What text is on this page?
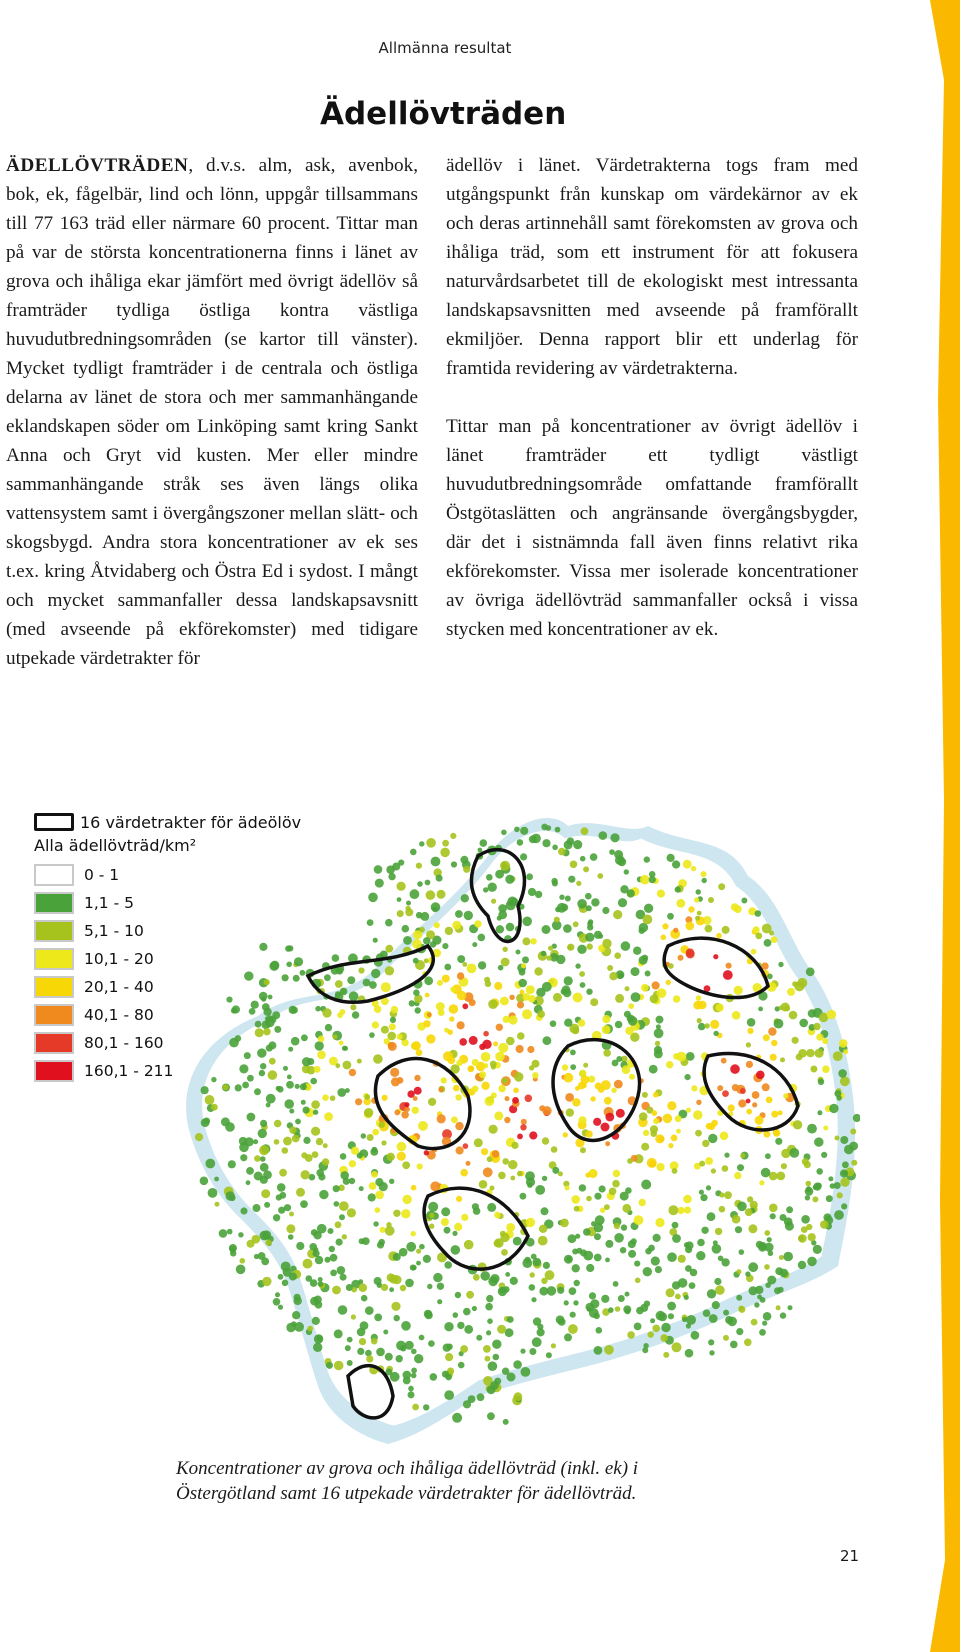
Allmänna resultat
Ädellövträden

ÄDELLÖVTRÄDEN, d.v.s. alm, ask, avenbok, bok, ek, fågelbär, lind och lönn, uppgår tillsammans till 77 163 träd eller närmare 60 procent. Tittar man på var de största koncentrationerna finns i länet av grova och ihåliga ekar jämfört med övrigt ädellöv så framträder tydliga östliga kontra västliga huvudutbredningsområden (se kartor till vänster). Mycket tydligt framträder i de centrala och östliga delarna av länet de stora och mer sammanhängande eklandskapen söder om Linköping samt kring Sankt Anna och Gryt vid kusten. Mer eller mindre sammanhängande stråk ses även längs olika vattensystem samt i övergångszoner mellan slätt- och skogsbygd. Andra stora koncentrationer av ek ses t.ex. kring Åtvidaberg och Östra Ed i sydost. I mångt och mycket sammanfaller dessa landskapsavsnitt (med avseende på ekförekomster) med tidigare utpekade värdetrakter för

ädellöv i länet. Värdetrakterna togs fram med utgångspunkt från kunskap om värdekärnor av ek och deras artinnehåll samt förekomsten av grova och ihåliga träd, som ett instrument för att fokusera naturvårdsarbetet till de ekologiskt mest intressanta landskapsavsnitten med avseende på framförallt ekmiljöer. Denna rapport blir ett underlag för framtida revidering av värdetrakterna.

Tittar man på koncentrationer av övrigt ädellöv i länet framträder ett tydligt västligt huvudutbredningsområde omfattande framförallt Östgötaslätten och angränsande övergångsbygder, där det i sistnämnda fall även finns relativt rika ekförekomster. Vissa mer isolerade koncentrationer av övriga ädellövträd sammanfaller också i vissa stycken med koncentrationer av ek.

16 värdetrakter för ädeölöv
Alla ädellövträd/km²
0 - 1
1,1 - 5
5,1 - 10
10,1 - 20
20,1 - 40
40,1 - 80
80,1 - 160
160,1 - 211
Koncentrationer av grova och ihåliga ädellövträd (inkl. ek) i Östergötland samt 16 utpekade värdetrakter för ädellövträd.
21
